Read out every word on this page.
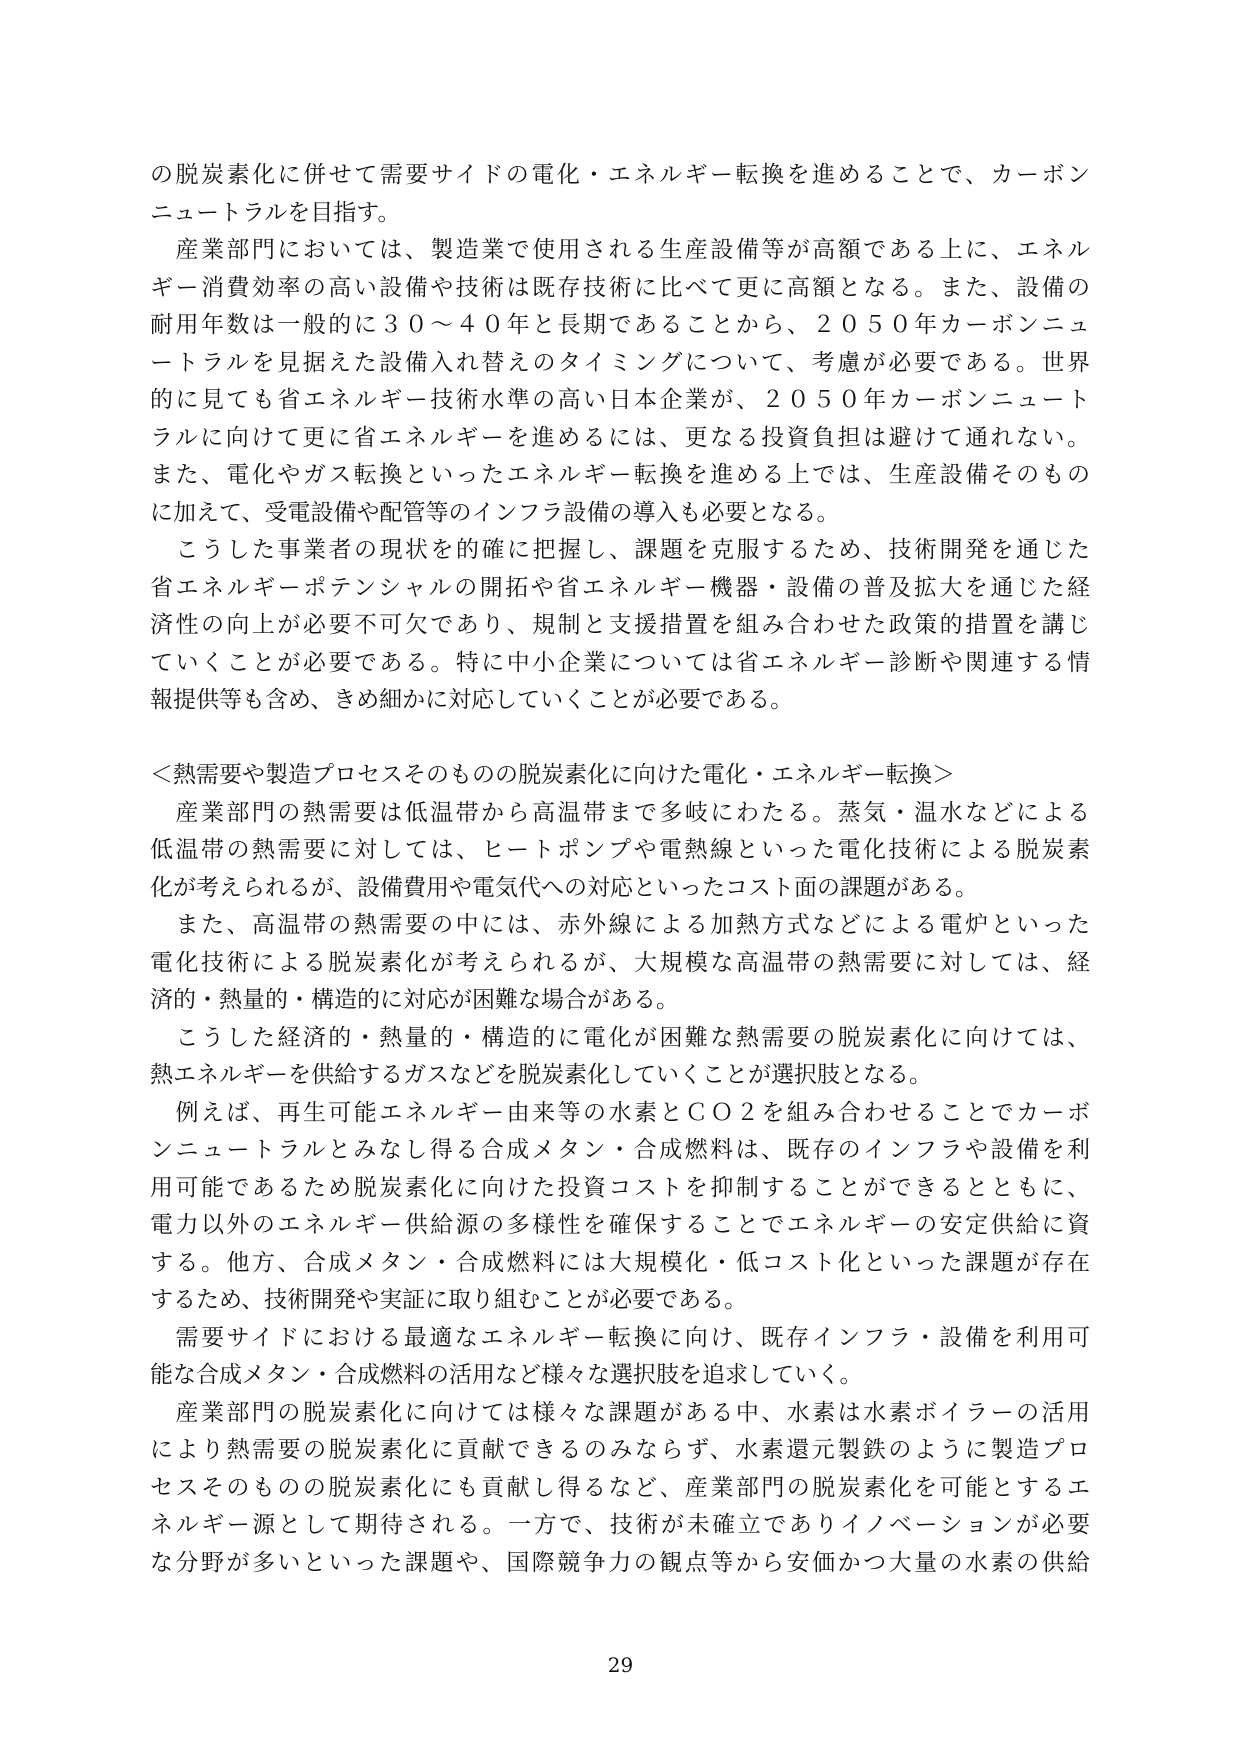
の脱炭素化に併せて需要サイドの電化・エネルギー転換を進めることで、カーボン
ニュートラルを目指す。
　産業部門においては、製造業で使用される生産設備等が高額である上に、エネル
ギー消費効率の高い設備や技術は既存技術に比べて更に高額となる。また、設備の
耐用年数は一般的に３０〜４０年と長期であることから、２０５０年カーボンニュ
ートラルを見据えた設備入れ替えのタイミングについて、考慮が必要である。世界
的に見ても省エネルギー技術水準の高い日本企業が、２０５０年カーボンニュート
ラルに向けて更に省エネルギーを進めるには、更なる投資負担は避けて通れない。
また、電化やガス転換といったエネルギー転換を進める上では、生産設備そのもの
に加えて、受電設備や配管等のインフラ設備の導入も必要となる。
　こうした事業者の現状を的確に把握し、課題を克服するため、技術開発を通じた
省エネルギーポテンシャルの開拓や省エネルギー機器・設備の普及拡大を通じた経
済性の向上が必要不可欠であり、規制と支援措置を組み合わせた政策的措置を講じ
ていくことが必要である。特に中小企業については省エネルギー診断や関連する情
報提供等も含め、きめ細かに対応していくことが必要である。
＜熱需要や製造プロセスそのものの脱炭素化に向けた電化・エネルギー転換＞
　産業部門の熱需要は低温帯から高温帯まで多岐にわたる。蒸気・温水などによる
低温帯の熱需要に対しては、ヒートポンプや電熱線といった電化技術による脱炭素
化が考えられるが、設備費用や電気代への対応といったコスト面の課題がある。
　また、高温帯の熱需要の中には、赤外線による加熱方式などによる電炉といった
電化技術による脱炭素化が考えられるが、大規模な高温帯の熱需要に対しては、経
済的・熱量的・構造的に対応が困難な場合がある。
　こうした経済的・熱量的・構造的に電化が困難な熱需要の脱炭素化に向けては、
熱エネルギーを供給するガスなどを脱炭素化していくことが選択肢となる。
　例えば、再生可能エネルギー由来等の水素とＣＯ２を組み合わせることでカーボ
ンニュートラルとみなし得る合成メタン・合成燃料は、既存のインフラや設備を利
用可能であるため脱炭素化に向けた投資コストを抑制することができるとともに、
電力以外のエネルギー供給源の多様性を確保することでエネルギーの安定供給に資
する。他方、合成メタン・合成燃料には大規模化・低コスト化といった課題が存在
するため、技術開発や実証に取り組むことが必要である。
　需要サイドにおける最適なエネルギー転換に向け、既存インフラ・設備を利用可
能な合成メタン・合成燃料の活用など様々な選択肢を追求していく。
　産業部門の脱炭素化に向けては様々な課題がある中、水素は水素ボイラーの活用
により熱需要の脱炭素化に貢献できるのみならず、水素還元製鉄のように製造プロ
セスそのものの脱炭素化にも貢献し得るなど、産業部門の脱炭素化を可能とするエ
ネルギー源として期待される。一方で、技術が未確立でありイノベーションが必要
な分野が多いといった課題や、国際競争力の観点等から安価かつ大量の水素の供給
29
